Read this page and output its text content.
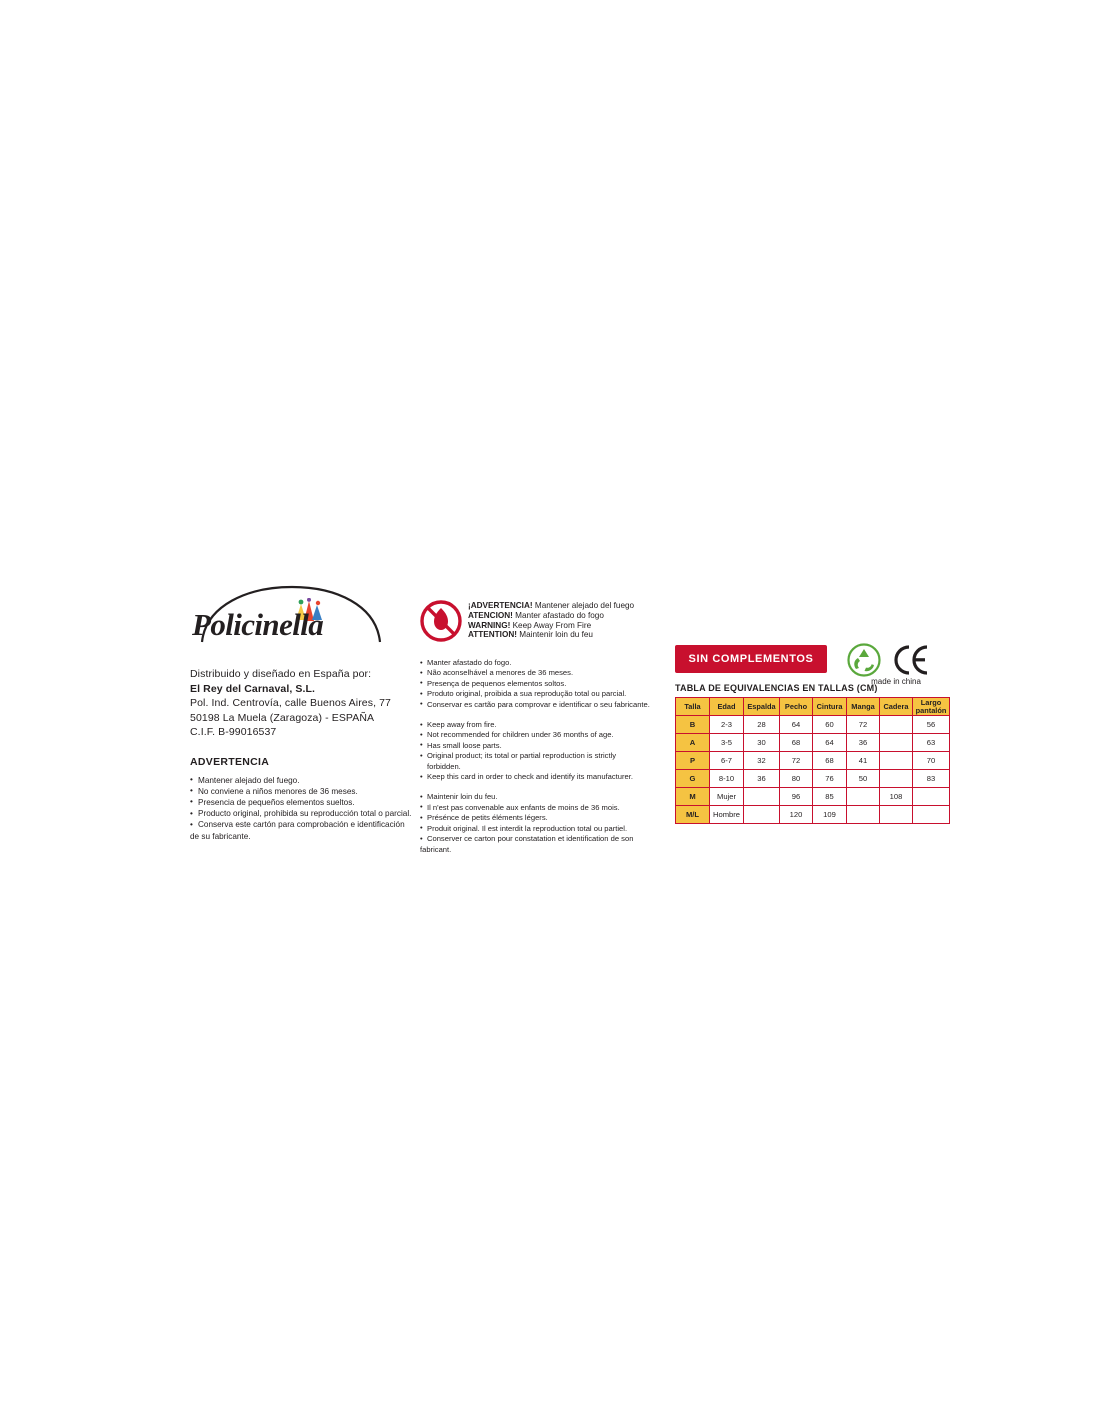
Policinella
Distribuido y diseñado en España por:
El Rey del Carnaval, S.L.
Pol. Ind. Centrovía, calle Buenos Aires, 77
50198 La Muela (Zaragoza) - ESPAÑA
C.I.F. B-99016537
ADVERTENCIA
• Mantener alejado del fuego.
• No conviene a niños menores de 36 meses.
• Presencia de pequeños elementos sueltos.
• Producto original, prohibida su reproducción total o parcial.
• Conserva este cartón para comprobación e identificación
de su fabricante.
¡ADVERTENCIA! Mantener alejado del fuego
ATENCION! Manter afastado do fogo
WARNING! Keep Away From Fire
ATTENTION! Maintenir loin du feu
• Manter afastado do fogo.
• Não aconselhável a menores de 36 meses.
• Presença de pequenos elementos soltos.
• Produto original, proibida a sua reprodução total ou parcial.
• Conservar es cartão para comprovar e identificar o seu fabricante.
• Keep away from fire.
• Not recommended for children under 36 months of age.
• Has small loose parts.
• Original product; its total or partial reproduction is strictly forbidden.
• Keep this card in order to check and identify its manufacturer.
• Maintenir loin du feu.
• Il n'est pas convenable aux enfants de moins de 36 mois.
• Présénce de petits éléments légers.
• Produit original. Il est interdit la reproduction total ou partiel.
• Conserver ce carton pour constatation et identification de son
fabricant.
SIN COMPLEMENTOS
made in china
TABLA DE EQUIVALENCIAS EN TALLAS (CM)
Talla	Edad	Espalda	Pecho	Cintura	Manga	Cadera	Largo pantalón
B	2-3	28	64	60	72		56
A	3-5	30	68	64	36		63
P	6-7	32	72	68	41		70
G	8-10	36	80	76	50		83
M	Mujer		96	85		108	
M/L	Hombre		120	109			
